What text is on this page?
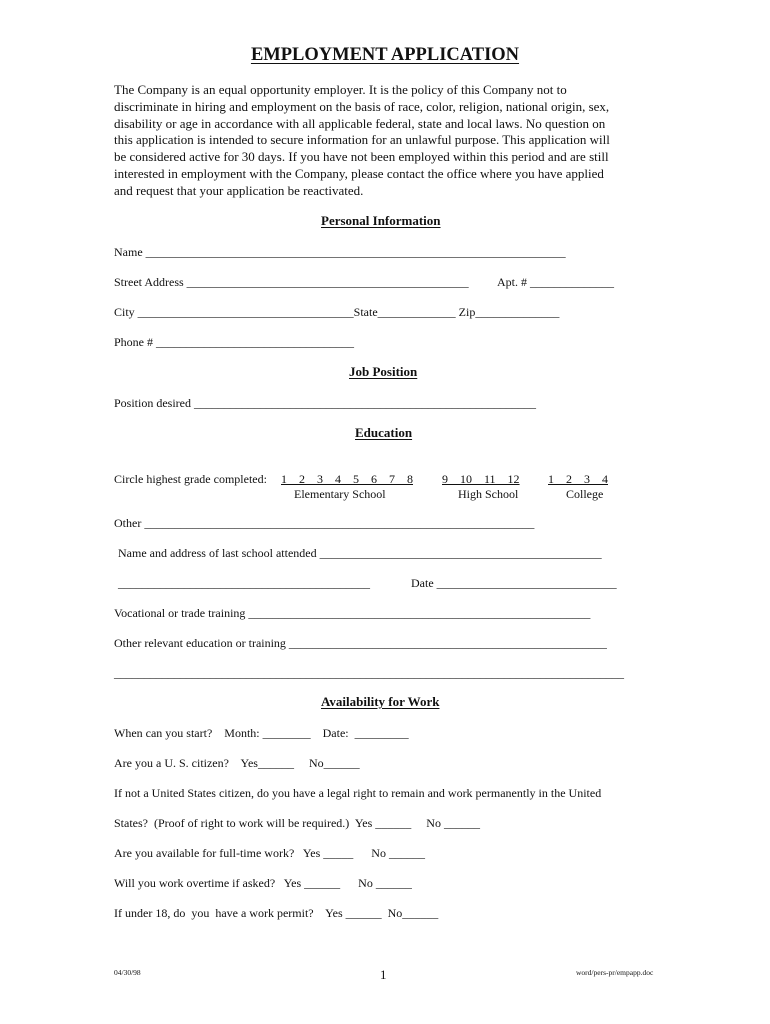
EMPLOYMENT APPLICATION
The Company is an equal opportunity employer. It is the policy of this Company not to
discriminate in hiring and employment on the basis of race, color, religion, national origin, sex,
disability or age in accordance with all applicable federal, state and local laws. No question on
this application is intended to secure information for an unlawful purpose. This application will
be considered active for 30 days. If you have not been employed within this period and are still
interested in employment with the Company, please contact the office where you have applied
and request that your application be reactivated.
Personal Information
Name ______________________________________________________________________
Street Address _______________________________________________ Apt. # ______________
City ____________________________________State_____________ Zip______________
Phone # _________________________________
Job Position
Position desired _________________________________________________________
Education
Circle highest grade completed: 1    2    3    4    5    6    7    8 9    10    11    12 1    2    3    4
Elementary School	High School	College
Other _________________________________________________________________
Name and address of last school attended _______________________________________________
__________________________________________	Date ______________________________
Vocational or trade training _________________________________________________________
Other relevant education or training _____________________________________________________
_____________________________________________________________________________________
Availability for Work
When can you start?    Month: ________    Date:  _________
Are you a U. S. citizen?    Yes______     No______
If not a United States citizen, do you have a legal right to remain and work permanently in the United
States?  (Proof of right to work will be required.)  Yes ______     No ______
Are you available for full-time work?   Yes _____      No ______
Will you work overtime if asked?   Yes ______      No ______
If under 18, do  you  have a work permit?    Yes ______  No______
04/30/98	1	word/pers-pr/empapp.doc
